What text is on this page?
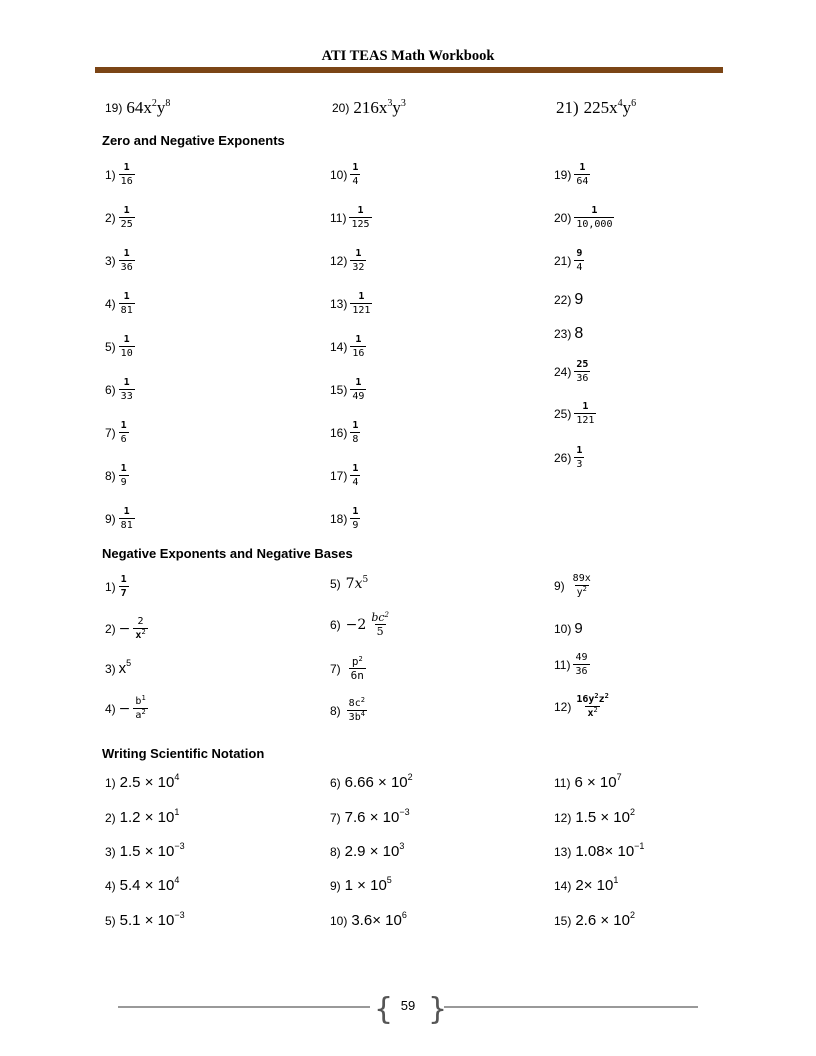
ATI TEAS Math Workbook
19) $64x^2y^8$	20) $216x^3y^3$	21) $225x^4y^6$
Zero and Negative Exponents
$1) \frac{1}{16}$
$2) \frac{1}{25}$
$3) \frac{1}{36}$
$4) \frac{1}{81}$
$5) \frac{1}{10}$
$6) \frac{1}{33}$
$7) \frac{1}{6}$
$8) \frac{1}{9}$
$9) \frac{1}{81}$
$10) \frac{1}{4}$
$11) \frac{1}{125}$
$12) \frac{1}{32}$
$13) \frac{1}{121}$
$14) \frac{1}{16}$
$15) \frac{1}{49}$
$16) \frac{1}{8}$
$17) \frac{1}{4}$
$18) \frac{1}{9}$
$19) \frac{1}{64}$
$20) \frac{1}{10,000}$
$21) \frac{9}{4}$
22) 9
23) 8
$24) \frac{25}{36}$
$25) \frac{1}{121}$
$26) \frac{1}{3}$
Negative Exponents and Negative Bases
$1) \frac{1}{7}$
$2) - \frac{2}{x^2}$
3) $x^5$
$4) - \frac{b^1}{a^2}$
5) $7x^5$
$6) -2 \frac{bc^2}{5}$
$7) \frac{p^2}{6n}$
$8) \frac{8c^2}{3b^4}$
$9) \frac{89x}{y^2}$
10) 9
$11) \frac{49}{36}$
$12) \frac{16y^2z^2}{x^2}$
Writing Scientific Notation
1) $2.5 \times 10^4$
2) $1.2 \times 10^1$
3) $1.5 \times 10^{-3}$
4) $5.4 \times 10^4$
5) $5.1 \times 10^{-3}$
6) $6.66 \times 10^2$
7) $7.6 \times 10^{-3}$
8) $2.9 \times 10^3$
9) $1 \times 10^5$
10) $3.6\times 10^6$
11) $6 \times 10^7$
12) $1.5 \times 10^2$
13) $1.08\times 10^{-1}$
14) $2\times 10^1$
15) $2.6 \times 10^2$
{ }
59
